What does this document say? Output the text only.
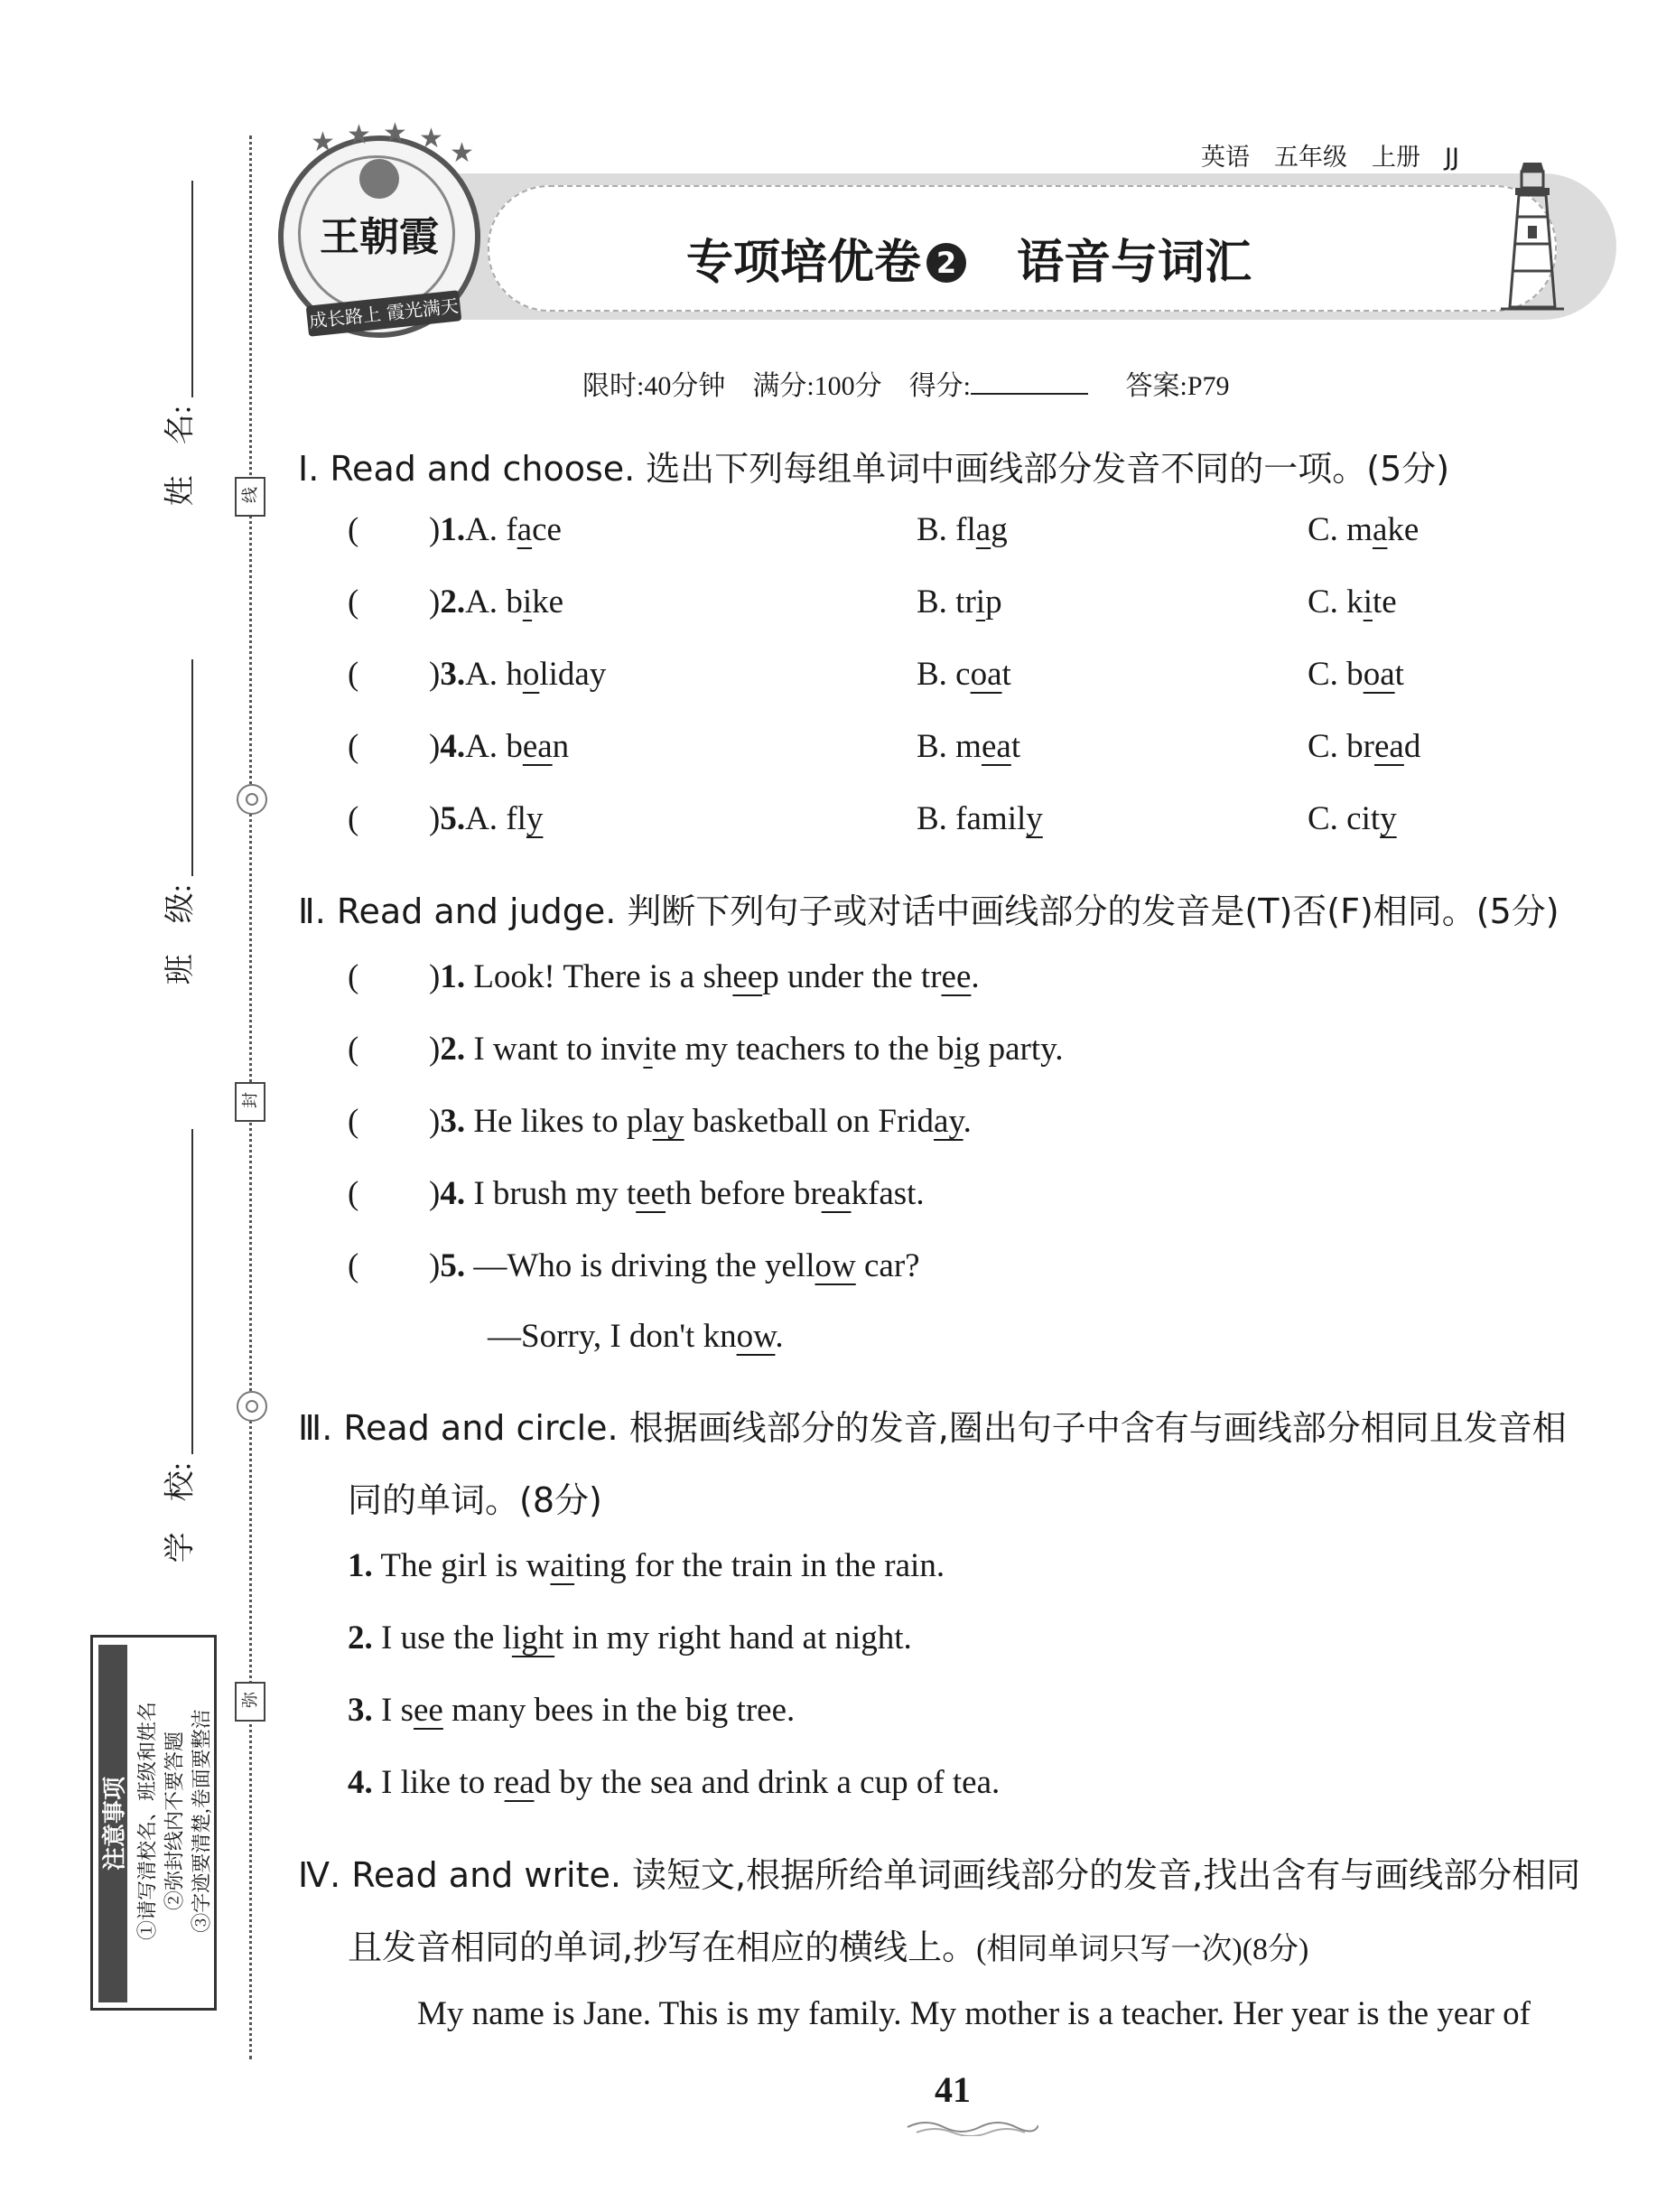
线
封
弥
姓　名:
班　级:
学　校:
注意事项 ①请写清校名、班级和姓名 ②弥封线内不要答题 ③字迹要清楚,卷面要整洁
英语　五年级　上册　JJ
专项培优卷 2 语音与词汇
王朝霞
★ ★ ★ ★ ★
成长路上 霞光满天
限时:40分钟 满分:100分 得分:	答案:P79
Ⅰ. Read and choose. 选出下列每组单词中画线部分发音不同的一项。(5分)
( )1.A. face	B. flag	C. make
( )2.A. bike	B. trip	C. kite
( )3.A. holiday	B. coat	C. boat
( )4.A. bean	B. meat	C. bread
( )5.A. fly	B. family	C. city
Ⅱ. Read and judge. 判断下列句子或对话中画线部分的发音是(T)否(F)相同。(5分)
( )1. Look! There is a sheep under the tree.
( )2. I want to invite my teachers to the big party.
( )3. He likes to play basketball on Friday.
( )4. I brush my teeth before breakfast.
( )5. —Who is driving the yellow car?
—Sorry, I don't know.
Ⅲ. Read and circle. 根据画线部分的发音,圈出句子中含有与画线部分相同且发音相
同的单词。(8分)
1. The girl is waiting for the train in the rain.
2. I use the light in my right hand at night.
3. I see many bees in the big tree.
4. I like to read by the sea and drink a cup of tea.
Ⅳ. Read and write. 读短文,根据所给单词画线部分的发音,找出含有与画线部分相同
且发音相同的单词,抄写在相应的横线上。(相同单词只写一次)(8分)
My name is Jane. This is my family. My mother is a teacher. Her year is the year of
41
